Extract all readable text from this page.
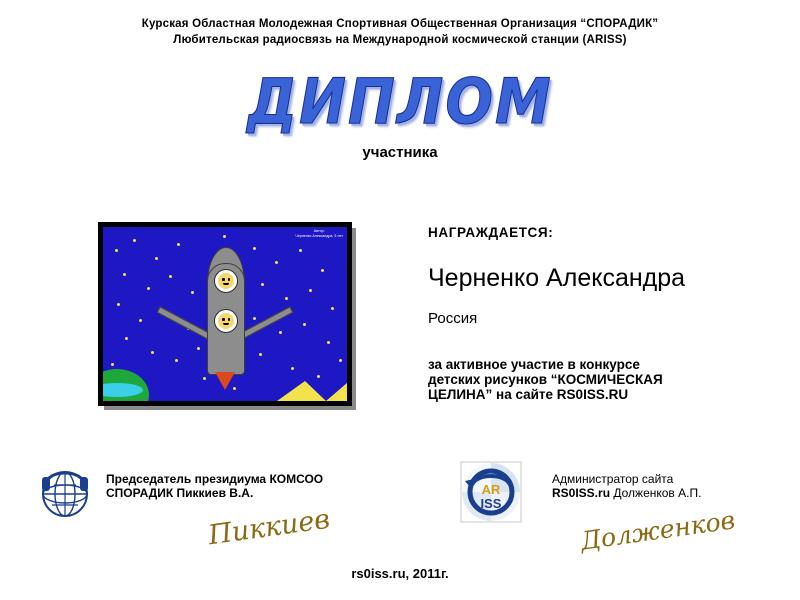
Курская Областная Молодежная Спортивная Общественная Организация “СПОРАДИК”
Любительская радиосвязь на Международной космической станции (ARISS)
ДИПЛОМ
участника
Автор:
Черненко Александра, 5 лет	НАГРАЖДАЕТСЯ:
Черненко Александра
Россия
за активное участие в конкурсе
детских рисунков “КОСМИЧЕСКАЯ
ЦЕЛИНА” на сайте RS0ISS.RU
AR
ISS
Председатель президиума КОМСОО
СПОРАДИК Пиккиев В.А.
Администратор сайта
RS0ISS.ru Долженков А.П.
Пиккиев	Долженков
rs0iss.ru, 2011г.
